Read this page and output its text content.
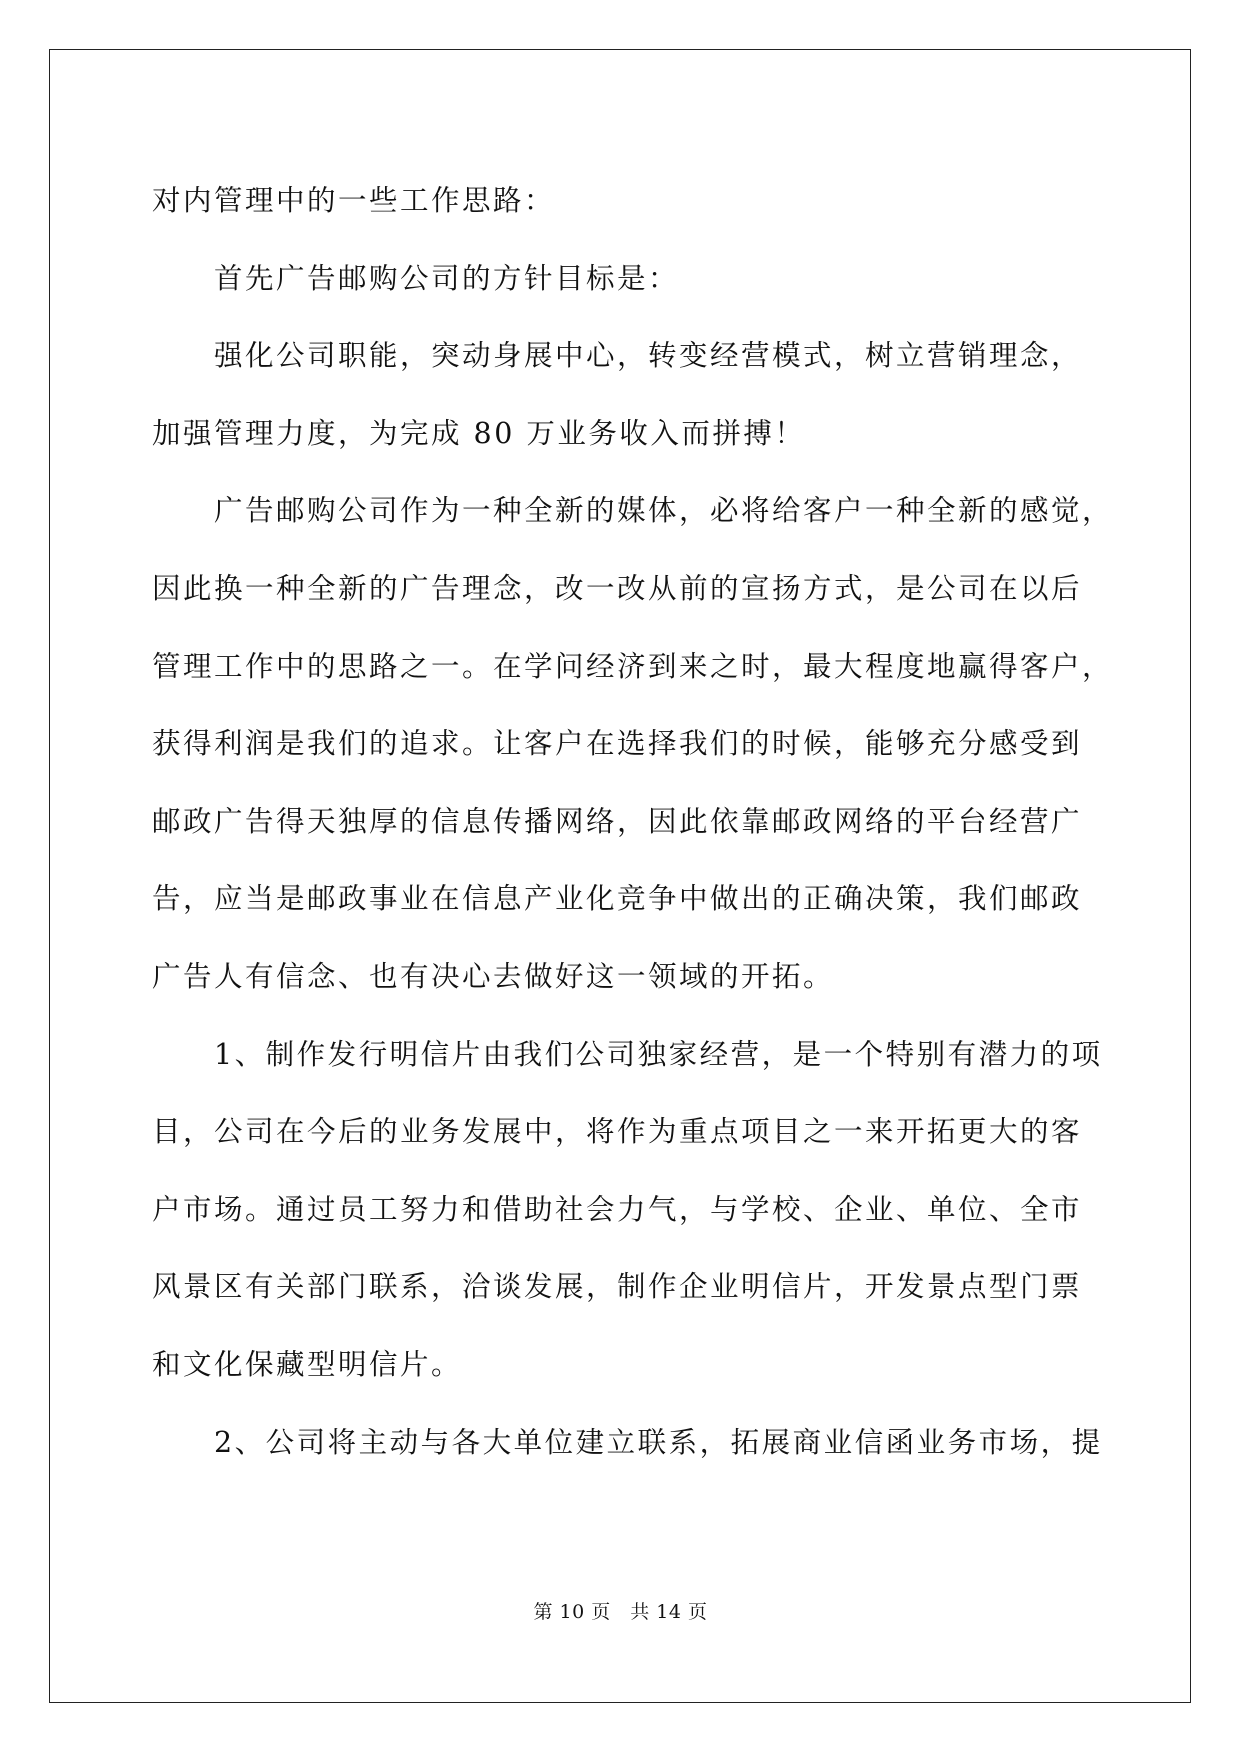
对内管理中的一些工作思路：

　　首先广告邮购公司的方针目标是：

　　强化公司职能，突动身展中心，转变经营模式，树立营销理念，

加强管理力度，为完成 80 万业务收入而拼搏！

　　广告邮购公司作为一种全新的媒体，必将给客户一种全新的感觉，

因此换一种全新的广告理念，改一改从前的宣扬方式，是公司在以后

管理工作中的思路之一。在学问经济到来之时，最大程度地赢得客户，

获得利润是我们的追求。让客户在选择我们的时候，能够充分感受到

邮政广告得天独厚的信息传播网络，因此依靠邮政网络的平台经营广

告，应当是邮政事业在信息产业化竞争中做出的正确决策，我们邮政

广告人有信念、也有决心去做好这一领域的开拓。

　　1、制作发行明信片由我们公司独家经营，是一个特别有潜力的项

目，公司在今后的业务发展中，将作为重点项目之一来开拓更大的客

户市场。通过员工努力和借助社会力气，与学校、企业、单位、全市

风景区有关部门联系，洽谈发展，制作企业明信片，开发景点型门票

和文化保藏型明信片。

　　2、公司将主动与各大单位建立联系，拓展商业信函业务市场，提

第 10 页　共 14 页
